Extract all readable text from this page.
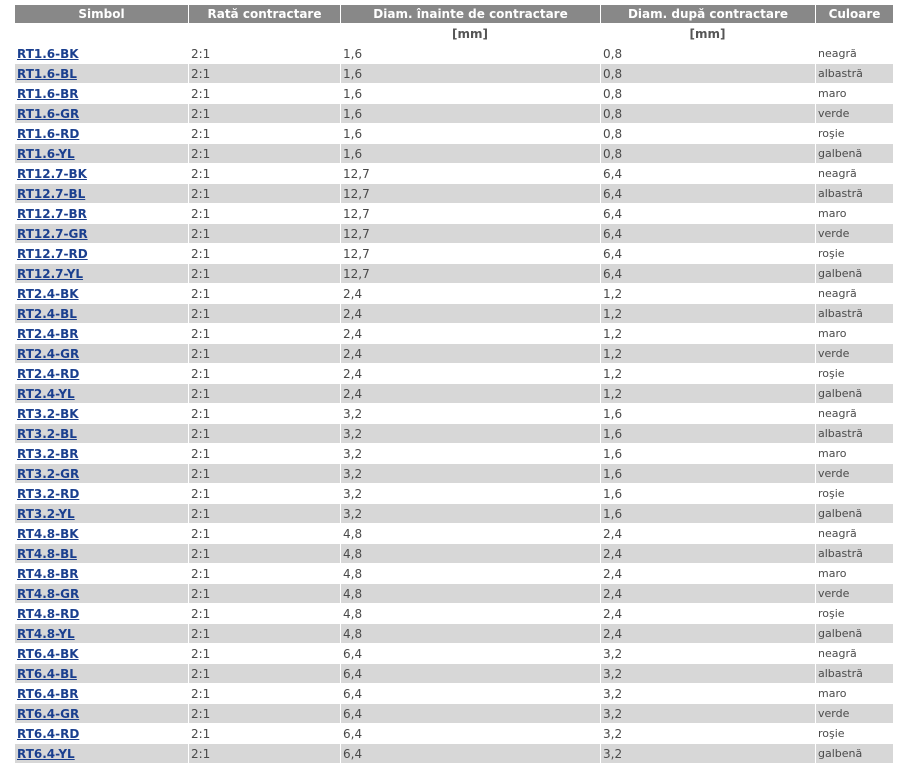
Simbol	Rată contractare	Diam. înainte de contractare	Diam. după contractare	Culoare
		[mm]	[mm]	
RT1.6-BK	2:1	1,6	0,8	neagră
RT1.6-BL	2:1	1,6	0,8	albastră
RT1.6-BR	2:1	1,6	0,8	maro
RT1.6-GR	2:1	1,6	0,8	verde
RT1.6-RD	2:1	1,6	0,8	roşie
RT1.6-YL	2:1	1,6	0,8	galbenă
RT12.7-BK	2:1	12,7	6,4	neagră
RT12.7-BL	2:1	12,7	6,4	albastră
RT12.7-BR	2:1	12,7	6,4	maro
RT12.7-GR	2:1	12,7	6,4	verde
RT12.7-RD	2:1	12,7	6,4	roşie
RT12.7-YL	2:1	12,7	6,4	galbenă
RT2.4-BK	2:1	2,4	1,2	neagră
RT2.4-BL	2:1	2,4	1,2	albastră
RT2.4-BR	2:1	2,4	1,2	maro
RT2.4-GR	2:1	2,4	1,2	verde
RT2.4-RD	2:1	2,4	1,2	roşie
RT2.4-YL	2:1	2,4	1,2	galbenă
RT3.2-BK	2:1	3,2	1,6	neagră
RT3.2-BL	2:1	3,2	1,6	albastră
RT3.2-BR	2:1	3,2	1,6	maro
RT3.2-GR	2:1	3,2	1,6	verde
RT3.2-RD	2:1	3,2	1,6	roşie
RT3.2-YL	2:1	3,2	1,6	galbenă
RT4.8-BK	2:1	4,8	2,4	neagră
RT4.8-BL	2:1	4,8	2,4	albastră
RT4.8-BR	2:1	4,8	2,4	maro
RT4.8-GR	2:1	4,8	2,4	verde
RT4.8-RD	2:1	4,8	2,4	roşie
RT4.8-YL	2:1	4,8	2,4	galbenă
RT6.4-BK	2:1	6,4	3,2	neagră
RT6.4-BL	2:1	6,4	3,2	albastră
RT6.4-BR	2:1	6,4	3,2	maro
RT6.4-GR	2:1	6,4	3,2	verde
RT6.4-RD	2:1	6,4	3,2	roşie
RT6.4-YL	2:1	6,4	3,2	galbenă
